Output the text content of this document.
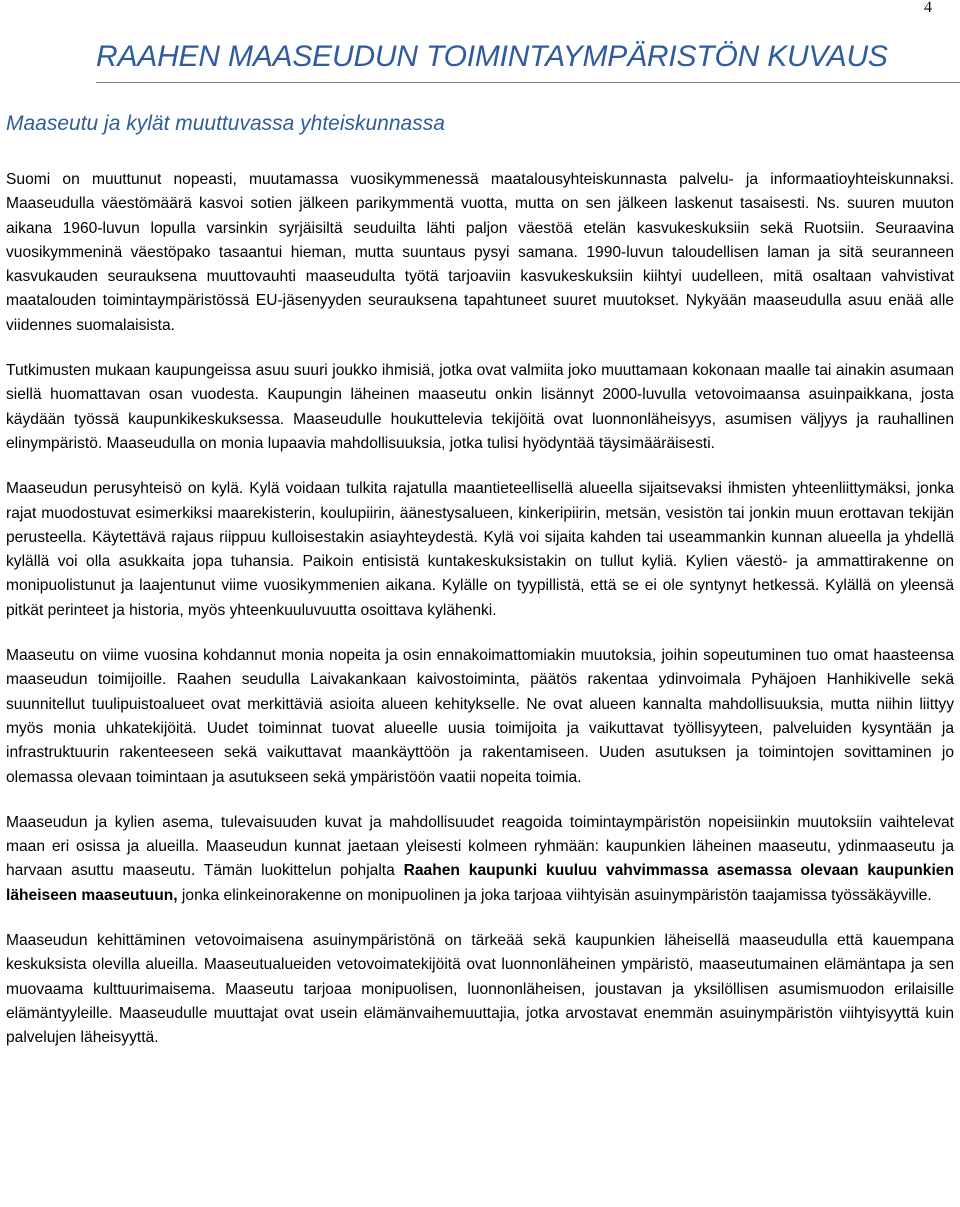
4
RAAHEN MAASEUDUN TOIMINTAYMPÄRISTÖN KUVAUS
Maaseutu ja kylät muuttuvassa yhteiskunnassa

Suomi on muuttunut nopeasti, muutamassa vuosikymmenessä maatalousyhteiskunnasta palvelu- ja informaatioyhteiskunnaksi. Maaseudulla väestömäärä kasvoi sotien jälkeen parikymmentä vuotta, mutta on sen jälkeen laskenut tasaisesti. Ns. suuren muuton aikana 1960-luvun lopulla varsinkin syrjäisiltä seuduilta lähti paljon väestöä etelän kasvukeskuksiin sekä Ruotsiin. Seuraavina vuosikymmeninä väestöpako tasaantui hieman, mutta suuntaus pysyi samana. 1990-luvun taloudellisen laman ja sitä seuranneen kasvukauden seurauksena muuttovauhti maaseudulta työtä tarjoaviin kasvukeskuksiin kiihtyi uudelleen, mitä osaltaan vahvistivat maatalouden toimintaympäristössä EU-jäsenyyden seurauksena tapahtuneet suuret muutokset. Nykyään maaseudulla asuu enää alle viidennes suomalaisista.

Tutkimusten mukaan kaupungeissa asuu suuri joukko ihmisiä, jotka ovat valmiita joko muuttamaan kokonaan maalle tai ainakin asumaan siellä huomattavan osan vuodesta. Kaupungin läheinen maaseutu onkin lisännyt 2000-luvulla vetovoimaansa asuinpaikkana, josta käydään työssä kaupunkikeskuksessa. Maaseudulle houkuttelevia tekijöitä ovat luonnonläheisyys, asumisen väljyys ja rauhallinen elinympäristö. Maaseudulla on monia lupaavia mahdollisuuksia, jotka tulisi hyödyntää täysimääräisesti.

Maaseudun perusyhteisö on kylä. Kylä voidaan tulkita rajatulla maantieteellisellä alueella sijaitsevaksi ihmisten yhteenliittymäksi, jonka rajat muodostuvat esimerkiksi maarekisterin, koulupiirin, äänestysalueen, kinkeripiirin, metsän, vesistön tai jonkin muun erottavan tekijän perusteella. Käytettävä rajaus riippuu kulloisestakin asiayhteydestä. Kylä voi sijaita kahden tai useammankin kunnan alueella ja yhdellä kylällä voi olla asukkaita jopa tuhansia. Paikoin entisistä kuntakeskuksistakin on tullut kyliä. Kylien väestö- ja ammattirakenne on monipuolistunut ja laajentunut viime vuosikymmenien aikana. Kylälle on tyypillistä, että se ei ole syntynyt hetkessä. Kylällä on yleensä pitkät perinteet ja historia, myös yhteenkuuluvuutta osoittava kylähenki.

Maaseutu on viime vuosina kohdannut monia nopeita ja osin ennakoimattomiakin muutoksia, joihin sopeutuminen tuo omat haasteensa maaseudun toimijoille. Raahen seudulla Laivakankaan kaivostoiminta, päätös rakentaa ydinvoimala Pyhäjoen Hanhikivelle sekä suunnitellut tuulipuistoalueet ovat merkittäviä asioita alueen kehitykselle. Ne ovat alueen kannalta mahdollisuuksia, mutta niihin liittyy myös monia uhkatekijöitä. Uudet toiminnat tuovat alueelle uusia toimijoita ja vaikuttavat työllisyyteen, palveluiden kysyntään ja infrastruktuurin rakenteeseen sekä vaikuttavat maankäyttöön ja rakentamiseen. Uuden asutuksen ja toimintojen sovittaminen jo olemassa olevaan toimintaan ja asutukseen sekä ympäristöön vaatii nopeita toimia.

Maaseudun ja kylien asema, tulevaisuuden kuvat ja mahdollisuudet reagoida toimintaympäristön nopeisiinkin muutoksiin vaihtelevat maan eri osissa ja alueilla. Maaseudun kunnat jaetaan yleisesti kolmeen ryhmään: kaupunkien läheinen maaseutu, ydinmaaseutu ja harvaan asuttu maaseutu. Tämän luokittelun pohjalta Raahen kaupunki kuuluu vahvimmassa asemassa olevaan kaupunkien läheiseen maaseutuun, jonka elinkeinorakenne on monipuolinen ja joka tarjoaa viihtyisän asuinympäristön taajamissa työssäkäyville.

Maaseudun kehittäminen vetovoimaisena asuinympäristönä on tärkeää sekä kaupunkien läheisellä maaseudulla että kauempana keskuksista olevilla alueilla. Maaseutualueiden vetovoimatekijöitä ovat luonnonläheinen ympäristö, maaseutumainen elämäntapa ja sen muovaama kulttuurimaisema. Maaseutu tarjoaa monipuolisen, luonnonläheisen, joustavan ja yksilöllisen asumismuodon erilaisille elämäntyyleille. Maaseudulle muuttajat ovat usein elämänvaihemuuttajia, jotka arvostavat enemmän asuinympäristön viihtyisyyttä kuin palvelujen läheisyyttä.
